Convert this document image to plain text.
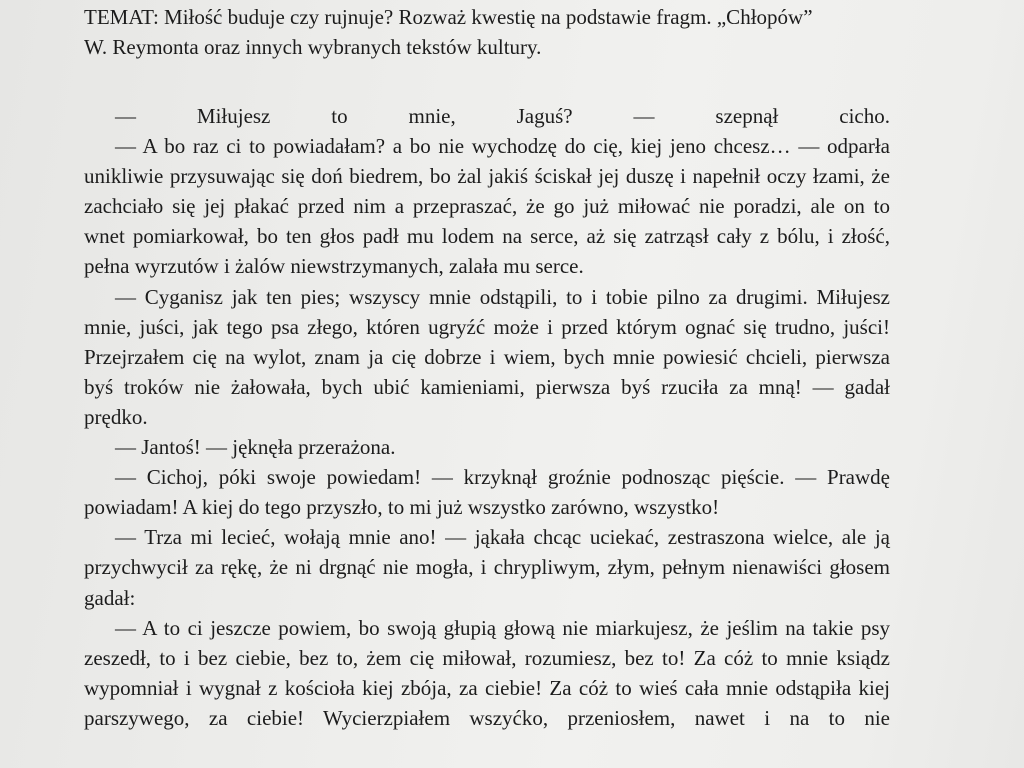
TEMAT: Miłość buduje czy rujnuje? Rozważ kwestię na podstawie fragm. „Chłopów”
W. Reymonta oraz innych wybranych tekstów kultury.
— Miłujesz to mnie, Jaguś? — szepnął cicho.
— A bo raz ci to powiadałam? a bo nie wychodzę do cię, kiej jeno chcesz… — odparła
unikliwie przysuwając się doń biedrem, bo żal jakiś ściskał jej duszę i napełnił oczy łzami, że
zachciało się jej płakać przed nim a przepraszać, że go już miłować nie poradzi, ale on to
wnet pomiarkował, bo ten głos padł mu lodem na serce, aż się zatrząsł cały z bólu, i złość,
pełna wyrzutów i żalów niewstrzymanych, zalała mu serce.
— Cyganisz jak ten pies; wszyscy mnie odstąpili, to i tobie pilno za drugimi. Miłujesz
mnie, juści, jak tego psa złego, któren ugryźć może i przed którym ognać się trudno, juści!
Przejrzałem cię na wylot, znam ja cię dobrze i wiem, bych mnie powiesić chcieli, pierwsza
byś troków nie żałowała, bych ubić kamieniami, pierwsza byś rzuciła za mną! — gadał
prędko.
— Jantoś! — jęknęła przerażona.
— Cichoj, póki swoje powiedam! — krzyknął groźnie podnosząc pięście. — Prawdę
powiadam! A kiej do tego przyszło, to mi już wszystko zarówno, wszystko!
— Trza mi lecieć, wołają mnie ano! — jąkała chcąc uciekać, zestraszona wielce, ale ją
przychwycił za rękę, że ni drgnąć nie mogła, i chrypliwym, złym, pełnym nienawiści głosem
gadał:
— A to ci jeszcze powiem, bo swoją głupią głową nie miarkujesz, że jeślim na takie psy
zeszedł, to i bez ciebie, bez to, żem cię miłował, rozumiesz, bez to! Za cóż to mnie ksiądz
wypomniał i wygnał z kościoła kiej zbója, za ciebie! Za cóż to wieś cała mnie odstąpiła kiej
parszywego, za ciebie! Wycierzpiałem wszyćko, przeniosłem, nawet i na to nie
